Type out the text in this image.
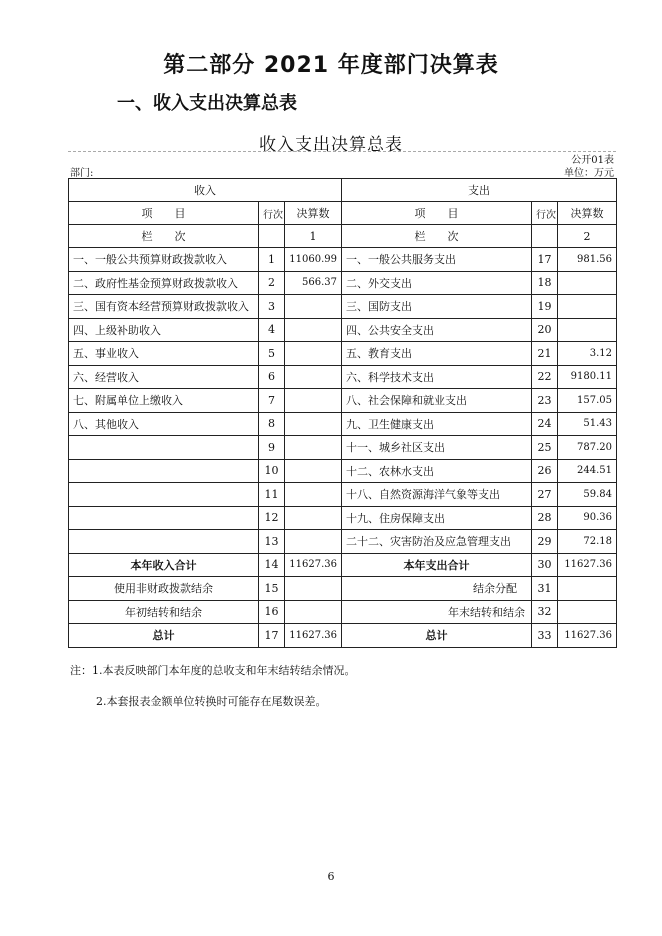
第二部分 2021 年度部门决算表
一、收入支出决算总表
收入支出决算总表
公开01表
部门:	单位：万元
收入			支出		
项　　目	行次	决算数	项　　目	行次	决算数
栏　　次		1	栏　　次		2
一、一般公共预算财政拨款收入	1	11060.99	一、一般公共服务支出	17	981.56
二、政府性基金预算财政拨款收入	2	566.37	二、外交支出	18	
三、国有资本经营预算财政拨款收入	3		三、国防支出	19	
四、上级补助收入	4		四、公共安全支出	20	
五、事业收入	5		五、教育支出	21	3.12
六、经营收入	6		六、科学技术支出	22	9180.11
七、附属单位上缴收入	7		八、社会保障和就业支出	23	157.05
八、其他收入	8		九、卫生健康支出	24	51.43
	9		十一、城乡社区支出	25	787.20
	10		十二、农林水支出	26	244.51
	11		十八、自然资源海洋气象等支出	27	59.84
	12		十九、住房保障支出	28	90.36
	13		二十二、灾害防治及应急管理支出	29	72.18
本年收入合计	14	11627.36	本年支出合计	30	11627.36
使用非财政拨款结余	15		结余分配	31	
年初结转和结余	16		年末结转和结余	32	
总计	17	11627.36	总计	33	11627.36
注：1.本表反映部门本年度的总收支和年末结转结余情况。
2.本套报表金额单位转换时可能存在尾数误差。
6
